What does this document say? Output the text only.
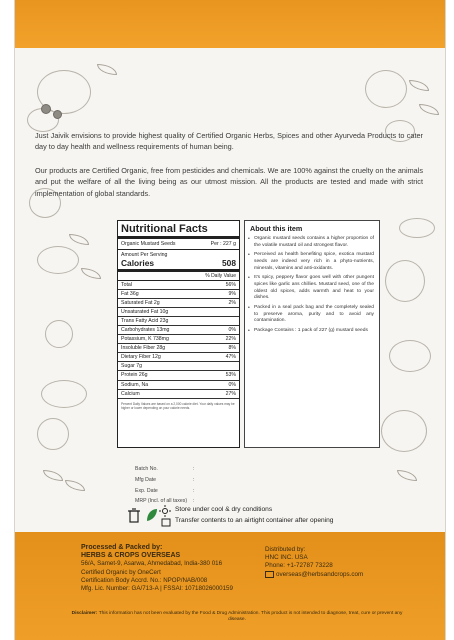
Just Jaivik envisions to provide highest quality of Certified Organic Herbs, Spices and other Ayurveda Products to cater day to day health and wellness requirements of human being.
Our products are Certified Organic, free from pesticides and chemicals. We are 100% against the cruelty on the animals and put the welfare of all the living being as our utmost mission. All the products are tested and made with strict implementation of global standards.
Nutritional Facts
Organic Mustard Seeds	Per : 227 g
Amount Per Serving
Calories	508
% Daily Value
Total	56%
Fat 36g	9%
Saturated Fat 2g	2%
Unsaturated Fat 10g
Trans Fatty Acid 23g
Carbohydrates 13mg	0%
Potassium, K 738mg	22%
Insoluble Fiber 28g	8%
Dietary Fiber 12g	47%
Sugar 7g
Protein 26g	53%
Sodium, Na	0%
Calcium	27%
Percent Daily Values are based on a 2,000 calorie diet. Your daily values may be higher or lower depending on your calorie needs.
About this item
• Organic mustard seeds contains a higher proportion of the volatile mustard oil and strongest flavor.
• Perceived as health benefiting spice, exotica mustard seeds are indeed very rich in a phyto-nutrients, minerals, vitamins and anti-oxidants.
• It's spicy, peppery flavor goes well with other pungent spices like garlic ans chillies. Mustard seed, one of the oldest old spices, adds warmth and heat to your dishes.
• Packed in a seal pack bag and the completely sealed to preserve aroma, purity and to avoid any contamination.
• Package Contains : 1 pack of 227 (g) mustard seeds
Batch No.	:
Mfg Date	:
Exp. Date	:
MRP (Incl. of all taxes)	:
Store under cool & dry conditions
Transfer contents to an airtight container after opening
Processed & Packed by:
HERBS & CROPS OVERSEAS
56/A, Samet-9, Asarwa, Ahmedabad, India-380 016
Certified Organic by OneCert
Certification Body Accrd. No.: NPOP/NAB/008
Mfg. Lic. Number: GA/713-A | FSSAI: 10718026000159
Distributed by:
HNC INC. USA
Phone: +1-72787 73228
overseas@herbsandcrops.com
Disclaimer: This information has not been evaluated by the Food & Drug Administration. This product is not intended to diagnose, treat, cure or prevent any disease.
